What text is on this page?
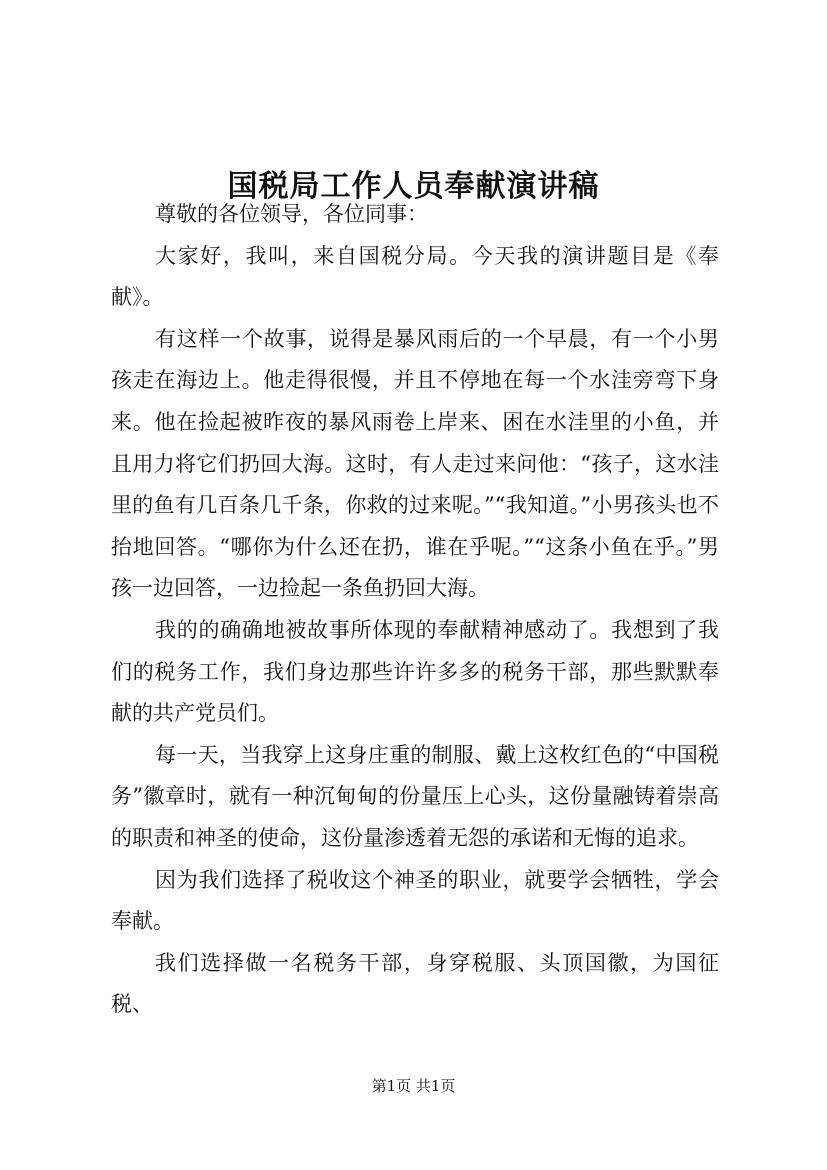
国税局工作人员奉献演讲稿

尊敬的各位领导，各位同事：

大家好，我叫，来自国税分局。今天我的演讲题目是《奉献》。

有这样一个故事，说得是暴风雨后的一个早晨，有一个小男孩走在海边上。他走得很慢，并且不停地在每一个水洼旁弯下身来。他在捡起被昨夜的暴风雨卷上岸来、困在水洼里的小鱼，并且用力将它们扔回大海。这时，有人走过来问他：“孩子，这水洼里的鱼有几百条几千条，你救的过来呢。”“我知道。”小男孩头也不抬地回答。“哪你为什么还在扔，谁在乎呢。”“这条小鱼在乎。”男孩一边回答，一边捡起一条鱼扔回大海。

我的的确确地被故事所体现的奉献精神感动了。我想到了我们的税务工作，我们身边那些许许多多的税务干部，那些默默奉献的共产党员们。

每一天，当我穿上这身庄重的制服、戴上这枚红色的“中国税务”徽章时，就有一种沉甸甸的份量压上心头，这份量融铸着崇高的职责和神圣的使命，这份量渗透着无怨的承诺和无悔的追求。

因为我们选择了税收这个神圣的职业，就要学会牺牲，学会奉献。

我们选择做一名税务干部，身穿税服、头顶国徽，为国征税、

第1页 共1页
